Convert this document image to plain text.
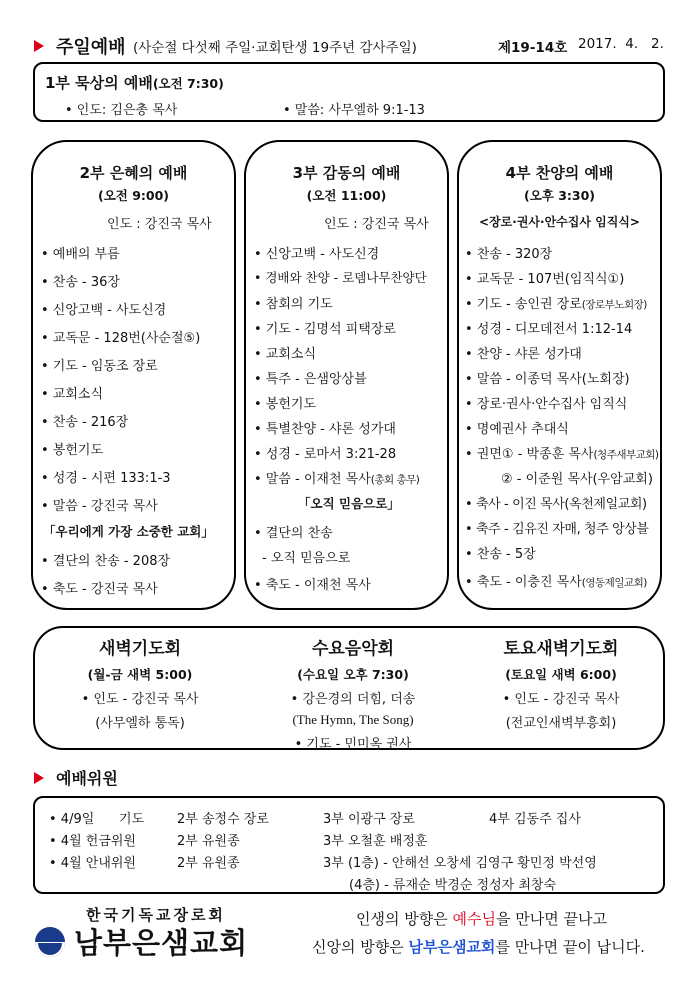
주일예배 (사순절 다섯째 주일·교회탄생 19주년 감사주일)	제19-14호 2017.  4.   2.
1부 묵상의 예배(오전 7:30)
• 인도: 김은총 목사	• 말씀: 사무엘하 9:1-13
2부 은혜의 예배
(오전 9:00)
인도 : 강진국 목사
• 예배의 부름
• 찬송 - 36장
• 신앙고백 - 사도신경
• 교독문 - 128번(사순절⑤)
• 기도 - 임동조 장로
• 교회소식
• 찬송 - 216장
• 봉헌기도
• 성경 - 시편 133:1-3
• 말씀 - 강진국 목사
「우리에게 가장 소중한 교회」
• 결단의 찬송 - 208장
• 축도 - 강진국 목사
3부 감동의 예배
(오전 11:00)
인도 : 강진국 목사
• 신앙고백 - 사도신경
• 경배와 찬양 - 로뎀나무찬양단
• 참회의 기도
• 기도 - 김명석 피택장로
• 교회소식
• 특주 - 은샘앙상블
• 봉헌기도
• 특별찬양 - 샤론 성가대
• 성경 - 로마서 3:21-28
• 말씀 - 이재천 목사(총회 총무)
「오직 믿음으로」
• 결단의 찬송
- 오직 믿음으로
• 축도 - 이재천 목사
4부 찬양의 예배
(오후 3:30)
<장로·권사·안수집사 임직식>
• 찬송 - 320장
• 교독문 - 107번(임직식①)
• 기도 - 송인권 장로(장로부노회장)
• 성경 - 디모데전서 1:12-14
• 찬양 - 샤론 성가대
• 말씀 - 이종덕 목사(노회장)
• 장로·권사·안수집사 임직식
• 명예권사 추대식
• 권면① - 박종훈 목사(청주새부교회)
② - 이준원 목사(우암교회)
• 축사 - 이진 목사(옥천제일교회)
• 축주 - 김유진 자매, 청주 앙상블
• 찬송 - 5장
• 축도 - 이충진 목사(영동제일교회)
새벽기도회
(월-금 새벽 5:00)
• 인도 - 강진국 목사
(사무엘하 통독)
수요음악회
(수요일 오후 7:30)
• 강은경의 더힘, 더송
(The Hymn, The Song)
• 기도 - 민미옥 권사
토요새벽기도회
(토요일 새벽 6:00)
• 인도 - 강진국 목사
(전교인새벽부흥회)
예배위원
• 4/9일 기도	2부 송정수 장로	3부 이광구 장로	4부 김동주 집사
• 4월 헌금위원	2부 유원종	3부 오철훈 배정훈
• 4월 안내위원	2부 유원종	3부 (1층) - 안해선 오창세 김영구 황민정 박선영
(4층) - 류재순 박경순 정성자 최창숙
한국기독교장로회
남부은샘교회
인생의 방향은 예수님을 만나면 끝나고
신앙의 방향은 남부은샘교회를 만나면 끝이 납니다.
